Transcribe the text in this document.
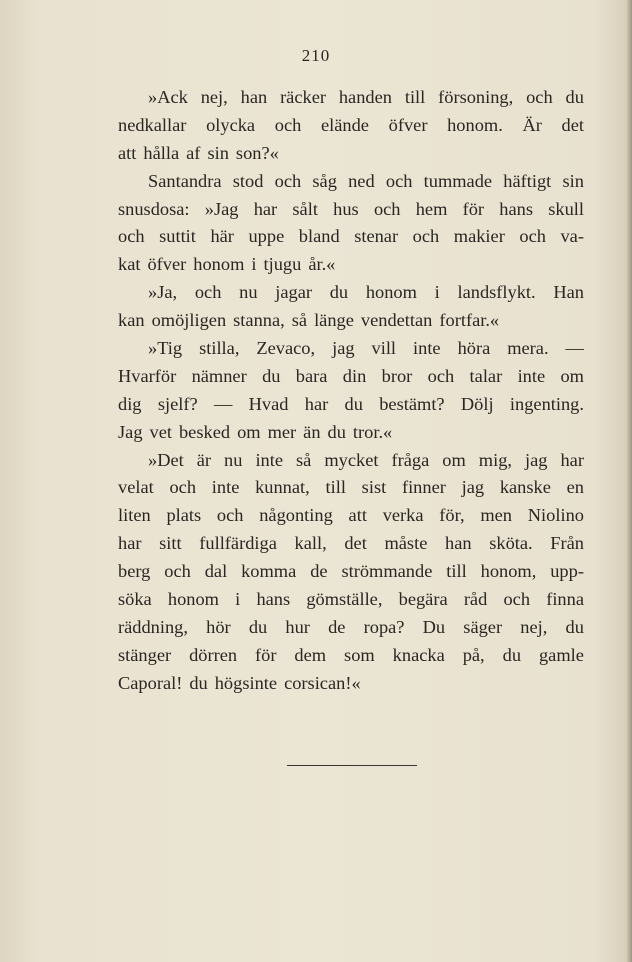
210
»Ack nej, han räcker handen till försoning, och du
nedkallar olycka och elände öfver honom. Är det
att hålla af sin son?«
Santandra stod och såg ned och tummade häftigt sin
snusdosa: »Jag har sålt hus och hem för hans skull
och suttit här uppe bland stenar och makier och va-
kat öfver honom i tjugu år.«
»Ja, och nu jagar du honom i landsflykt. Han
kan omöjligen stanna, så länge vendettan fortfar.«
»Tig stilla, Zevaco, jag vill inte höra mera. —
Hvarför nämner du bara din bror och talar inte om
dig sjelf? — Hvad har du bestämt? Dölj ingenting.
Jag vet besked om mer än du tror.«
»Det är nu inte så mycket fråga om mig, jag har
velat och inte kunnat, till sist finner jag kanske en
liten plats och någonting att verka för, men Niolino
har sitt fullfärdiga kall, det måste han sköta. Från
berg och dal komma de strömmande till honom, upp-
söka honom i hans gömställe, begära råd och finna
räddning, hör du hur de ropa? Du säger nej, du
stänger dörren för dem som knacka på, du gamle
Caporal! du högsinte corsican!«
